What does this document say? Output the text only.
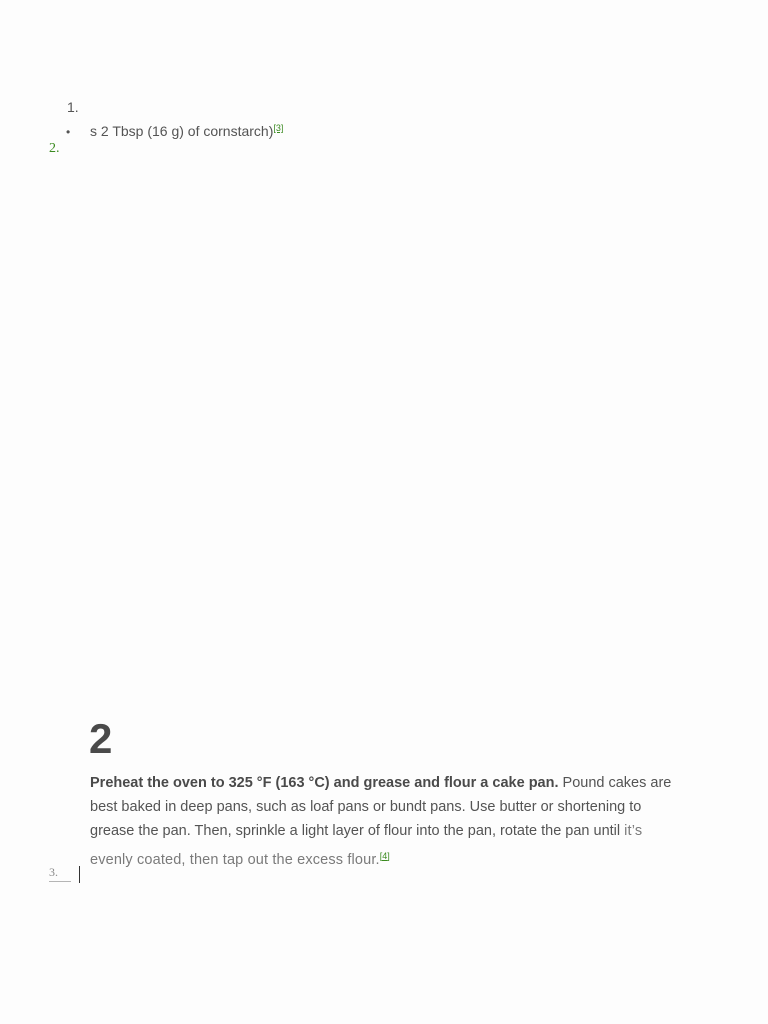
1.
• s 2 Tbsp (16 g) of cornstarch)[3]
2.
2
Preheat the oven to 325 °F (163 °C) and grease and flour a cake pan. Pound cakes are best baked in deep pans, such as loaf pans or bundt pans. Use butter or shortening to grease the pan. Then, sprinkle a light layer of flour into the pan, rotate the pan until it’s evenly coated, then tap out the excess flour.[4]
3.
